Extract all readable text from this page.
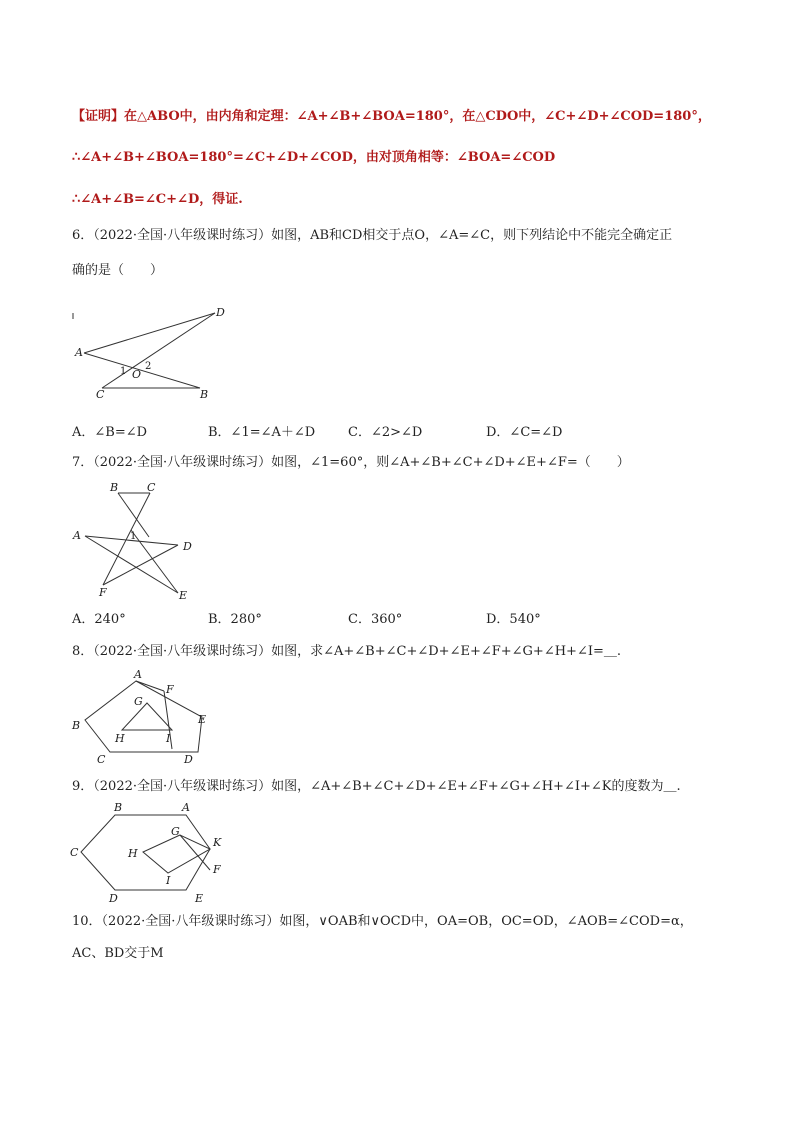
【证明】在△ABO中，由内角和定理：∠A+∠B+∠BOA=180°，在△CDO中，∠C+∠D+∠COD=180°，
∴∠A+∠B+∠BOA=180°=∠C+∠D+∠COD，由对顶角相等：∠BOA=∠COD
∴∠A+∠B=∠C+∠D，得证.
6．（2022·全国·八年级课时练习）如图，AB和CD相交于点O，∠A=∠C，则下列结论中不能完全确定正
确的是（　　）
A
B
C
D
O
1 2
A．∠B=∠D	B．∠1=∠A＋∠D	C．∠2>∠D	D．∠C=∠D
7．（2022·全国·八年级课时练习）如图，∠1=60°，则∠A+∠B+∠C+∠D+∠E+∠F=（　　）
B	C
A
D
E
F
1
A．240°	B．280°	C．360°	D．540°
8．（2022·全国·八年级课时练习）如图，求∠A+∠B+∠C+∠D+∠E+∠F+∠G+∠H+∠I=＿.
A
F
B
G
E
H	I
C	D
9．（2022·全国·八年级课时练习）如图，∠A+∠B+∠C+∠D+∠E+∠F+∠G+∠H+∠I+∠K的度数为＿.
B	A
G
K
C	H
F
I
D	E
10．（2022·全国·八年级课时练习）如图，∨OAB和∨OCD中，OA=OB，OC=OD，∠AOB=∠COD=α，
AC、BD交于M
